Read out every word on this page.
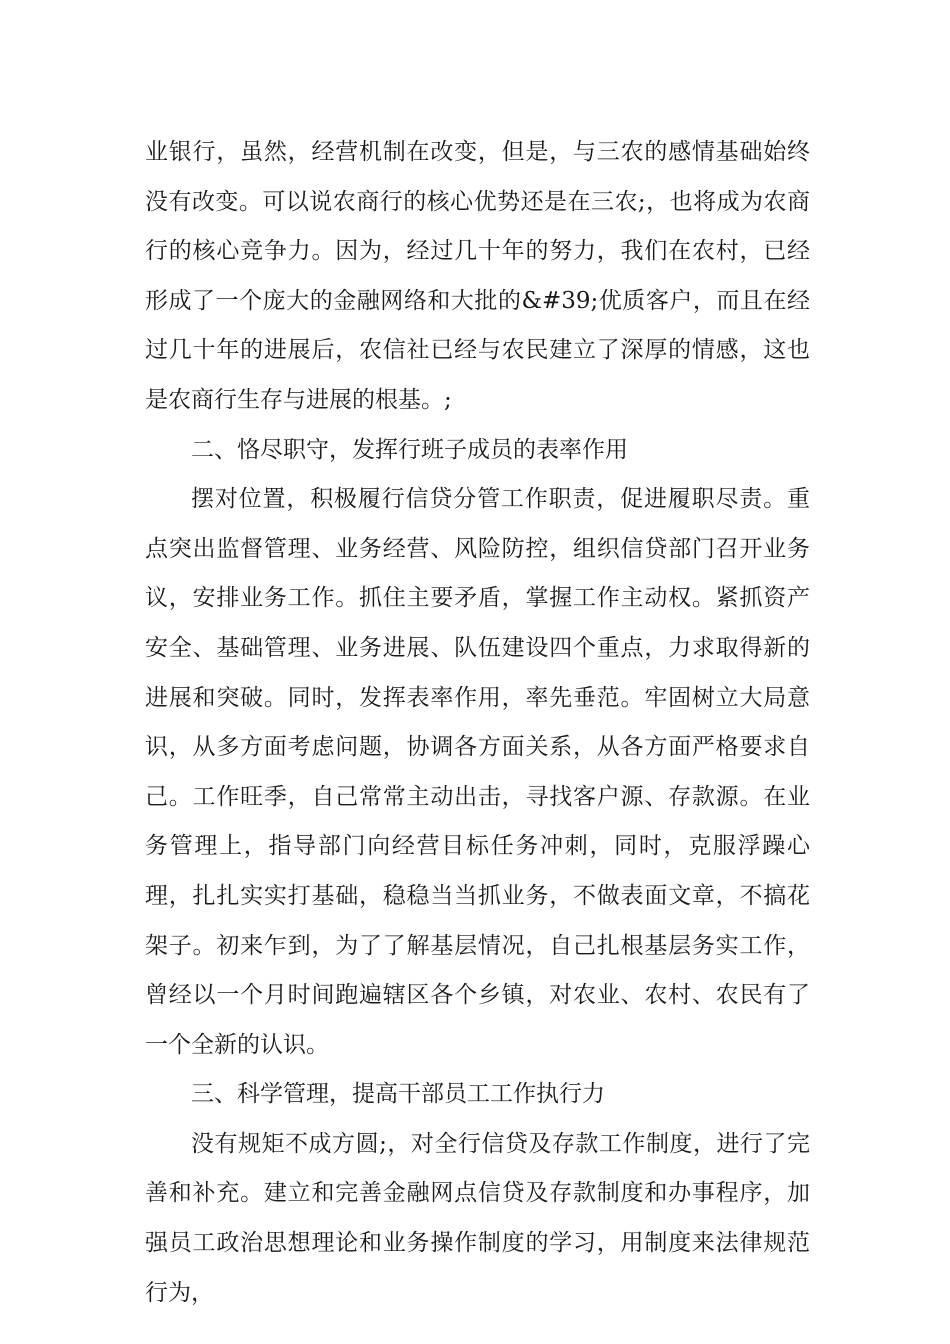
业银行，虽然，经营机制在改变，但是，与三农的感情基础始终没有改变。可以说农商行的核心优势还是在三农;，也将成为农商行的核心竞争力。因为，经过几十年的努力，我们在农村，已经形成了一个庞大的金融网络和大批的&#39;优质客户，而且在经过几十年的进展后，农信社已经与农民建立了深厚的情感，这也是农商行生存与进展的根基。;

二、恪尽职守，发挥行班子成员的表率作用

摆对位置，积极履行信贷分管工作职责，促进履职尽责。重点突出监督管理、业务经营、风险防控，组织信贷部门召开业务议，安排业务工作。抓住主要矛盾，掌握工作主动权。紧抓资产安全、基础管理、业务进展、队伍建设四个重点，力求取得新的进展和突破。同时，发挥表率作用，率先垂范。牢固树立大局意识，从多方面考虑问题，协调各方面关系，从各方面严格要求自己。工作旺季，自己常常主动出击，寻找客户源、存款源。在业务管理上，指导部门向经营目标任务冲刺，同时，克服浮躁心理，扎扎实实打基础，稳稳当当抓业务，不做表面文章，不搞花架子。初来乍到，为了了解基层情况，自己扎根基层务实工作，曾经以一个月时间跑遍辖区各个乡镇，对农业、农村、农民有了一个全新的认识。

三、科学管理，提高干部员工工作执行力

没有规矩不成方圆;，对全行信贷及存款工作制度，进行了完善和补充。建立和完善金融网点信贷及存款制度和办事程序，加强员工政治思想理论和业务操作制度的学习，用制度来法律规范行为，
